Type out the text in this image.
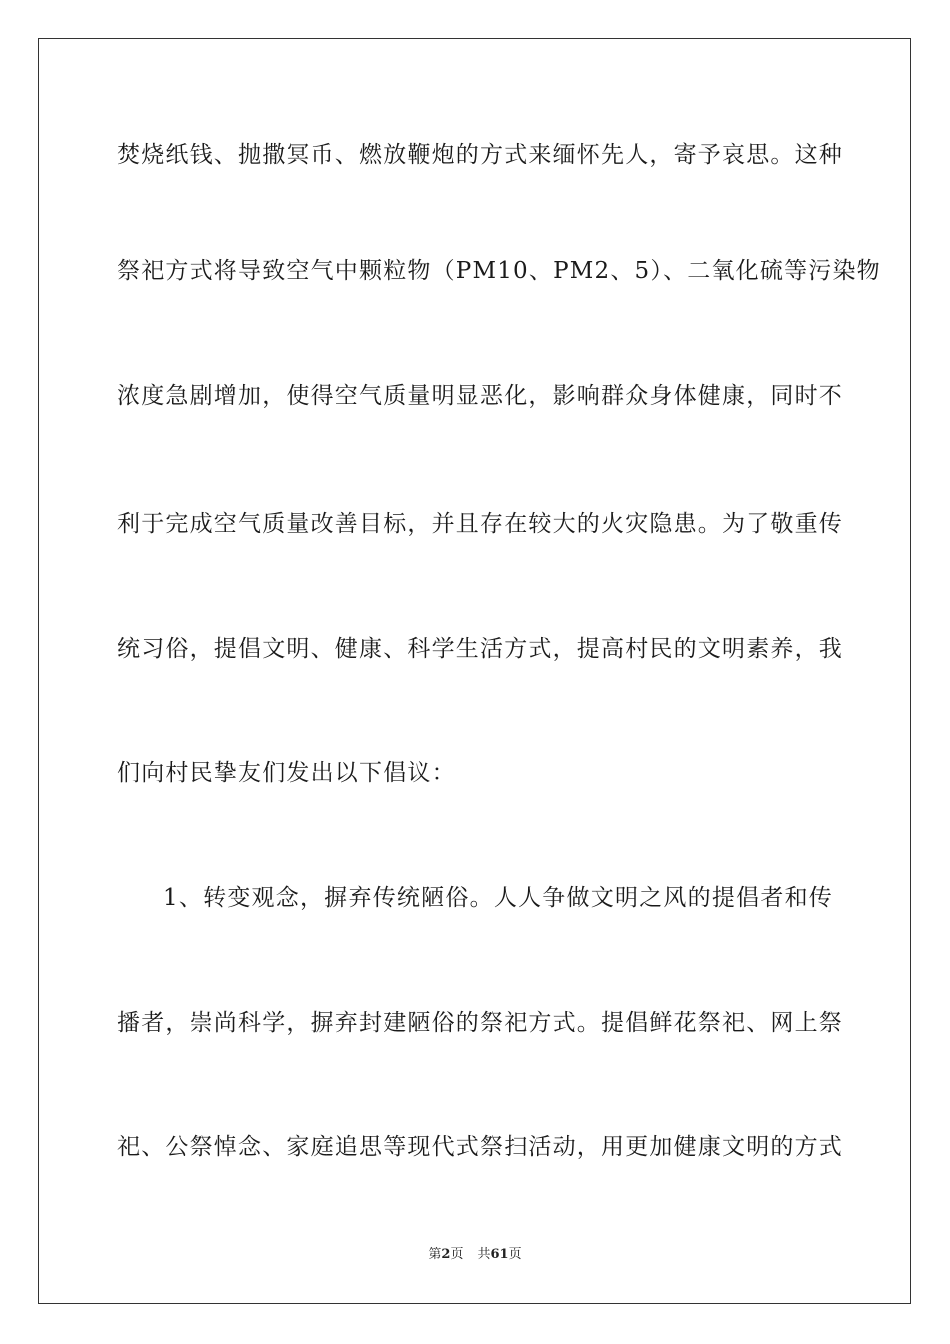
焚烧纸钱、抛撒冥币、燃放鞭炮的方式来缅怀先人，寄予哀思。这种
祭祀方式将导致空气中颗粒物（PM10、PM2、5）、二氧化硫等污染物
浓度急剧增加，使得空气质量明显恶化，影响群众身体健康，同时不
利于完成空气质量改善目标，并且存在较大的火灾隐患。为了敬重传
统习俗，提倡文明、健康、科学生活方式，提高村民的文明素养，我
们向村民挚友们发出以下倡议：
1、转变观念，摒弃传统陋俗。人人争做文明之风的提倡者和传
播者，崇尚科学，摒弃封建陋俗的祭祀方式。提倡鲜花祭祀、网上祭
祀、公祭悼念、家庭追思等现代式祭扫活动，用更加健康文明的方式
第2页 共61页
